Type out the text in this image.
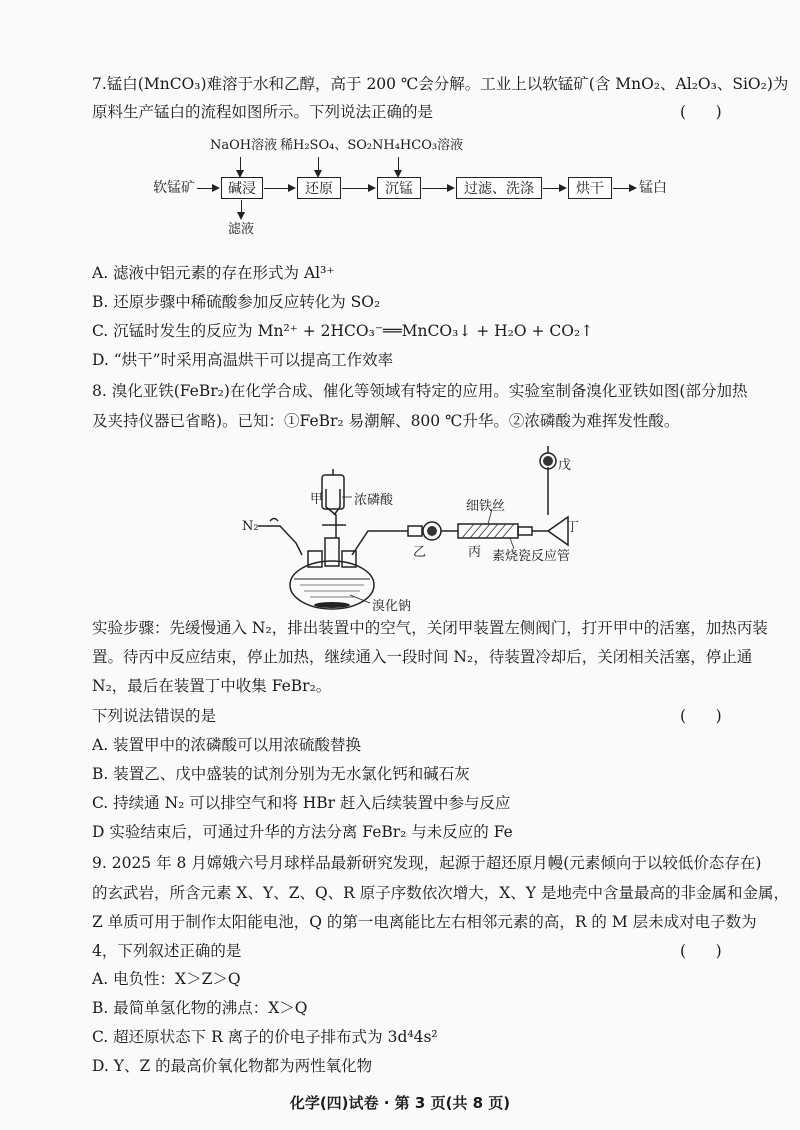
7.锰白(MnCO₃)难溶于水和乙醇，高于 200 ℃会分解。工业上以软锰矿(含 MnO₂、Al₂O₃、SiO₂)为
原料生产锰白的流程如图所示。下列说法正确的是	(      )
NaOH溶液 稀H₂SO₄、SO₂ NH₄HCO₃溶液
软锰矿	碱浸	还原	沉锰	过滤、洗涤	烘干	锰白
滤液
A. 滤液中铝元素的存在形式为 Al³⁺
B. 还原步骤中稀硫酸参加反应转化为 SO₂
C. 沉锰时发生的反应为 Mn²⁺ + 2HCO₃⁻══MnCO₃↓ + H₂O + CO₂↑
D. “烘干”时采用高温烘干可以提高工作效率
8. 溴化亚铁(FeBr₂)在化学合成、催化等领域有特定的应用。实验室制备溴化亚铁如图(部分加热
及夹持仪器已省略)。已知：①FeBr₂ 易潮解、800 ℃升华。②浓磷酸为难挥发性酸。
N₂
甲 浓磷酸
溴化钠
乙	丙
细铁丝
素烧瓷反应管
丁
戊
实验步骤：先缓慢通入 N₂，排出装置中的空气，关闭甲装置左侧阀门，打开甲中的活塞，加热丙装
置。待丙中反应结束，停止加热，继续通入一段时间 N₂，待装置冷却后，关闭相关活塞，停止通
N₂，最后在装置丁中收集 FeBr₂。
下列说法错误的是	(      )
A. 装置甲中的浓磷酸可以用浓硫酸替换
B. 装置乙、戊中盛装的试剂分别为无水氯化钙和碱石灰
C. 持续通 N₂ 可以排空气和将 HBr 赶入后续装置中参与反应
D 实验结束后，可通过升华的方法分离 FeBr₂ 与未反应的 Fe
9. 2025 年 8 月嫦娥六号月球样品最新研究发现，起源于超还原月幔(元素倾向于以较低价态存在)
的玄武岩，所含元素 X、Y、Z、Q、R 原子序数依次增大，X、Y 是地壳中含量最高的非金属和金属，
Z 单质可用于制作太阳能电池，Q 的第一电离能比左右相邻元素的高，R 的 M 层未成对电子数为
4，下列叙述正确的是	(      )
A. 电负性：X＞Z＞Q
B. 最简单氢化物的沸点：X＞Q
C. 超还原状态下 R 离子的价电子排布式为 3d⁴4s²
D. Y、Z 的最高价氧化物都为两性氧化物
化学(四)试卷 · 第 3 页(共 8 页)
